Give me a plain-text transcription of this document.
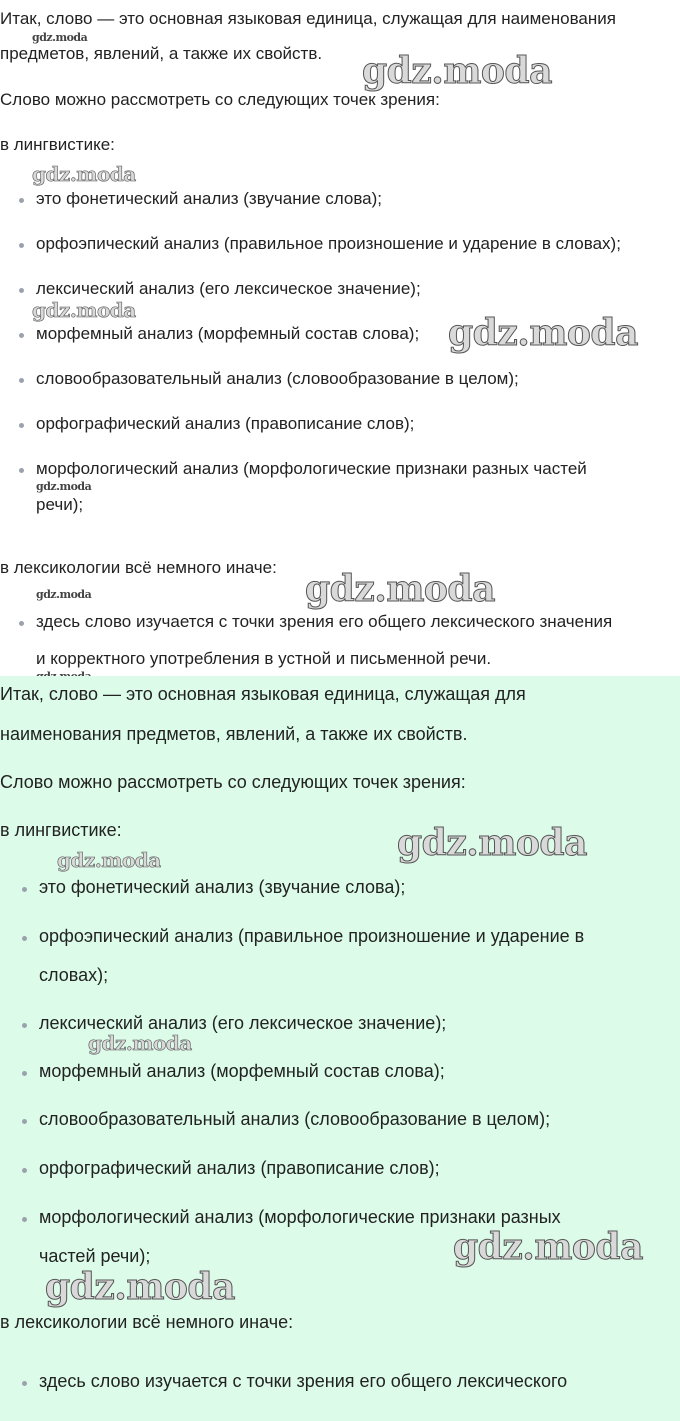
Итак, слово — это основная языковая единица, служащая для наименования

предметов, явлений, а также их свойств.

Слово можно рассмотреть со следующих точек зрения:

в лингвистике:

это фонетический анализ (звучание слова);
орфоэпический анализ (правильное произношение и ударение в словах);
лексический анализ (его лексическое значение);
морфемный анализ (морфемный состав слова);
словообразовательный анализ (словообразование в целом);
орфографический анализ (правописание слов);
морфологический анализ (морфологические признаки разных частей

речи);

в лексикологии всё немного иначе:

здесь слово изучается с точки зрения его общего лексического значения

и корректного употребления в устной и письменной речи.

gdz.moda
gdz.moda
gdz.moda
gdz.moda
gdz.moda
gdz.moda
gdz.moda
gdz.moda

Итак, слово — это основная языковая единица, служащая для

наименования предметов, явлений, а также их свойств.

Слово можно рассмотреть со следующих точек зрения:

в лингвистике:

это фонетический анализ (звучание слова);
орфоэпический анализ (правильное произношение и ударение в

словах);

лексический анализ (его лексическое значение);
морфемный анализ (морфемный состав слова);
словообразовательный анализ (словообразование в целом);
орфографический анализ (правописание слов);
морфологический анализ (морфологические признаки разных

частей речи);

в лексикологии всё немного иначе:

здесь слово изучается с точки зрения его общего лексического
gdz.moda
gdz.moda
gdz.moda
gdz.moda
gdz.moda
